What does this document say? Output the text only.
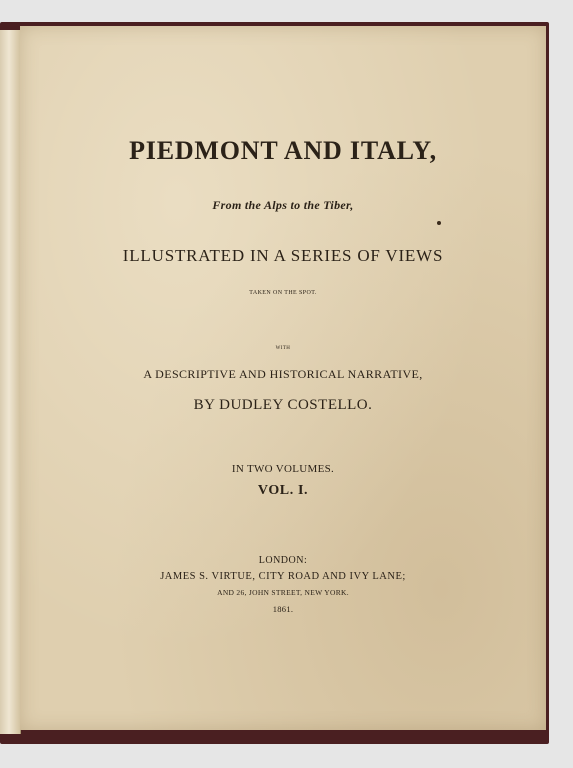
PIEDMONT AND ITALY,
From the Alps to the Tiber,
ILLUSTRATED IN A SERIES OF VIEWS
TAKEN ON THE SPOT.
WITH
A DESCRIPTIVE AND HISTORICAL NARRATIVE,
BY DUDLEY COSTELLO.
IN TWO VOLUMES.
VOL. I.
LONDON:
JAMES S. VIRTUE, CITY ROAD AND IVY LANE;
AND 26, JOHN STREET, NEW YORK.
1861.
